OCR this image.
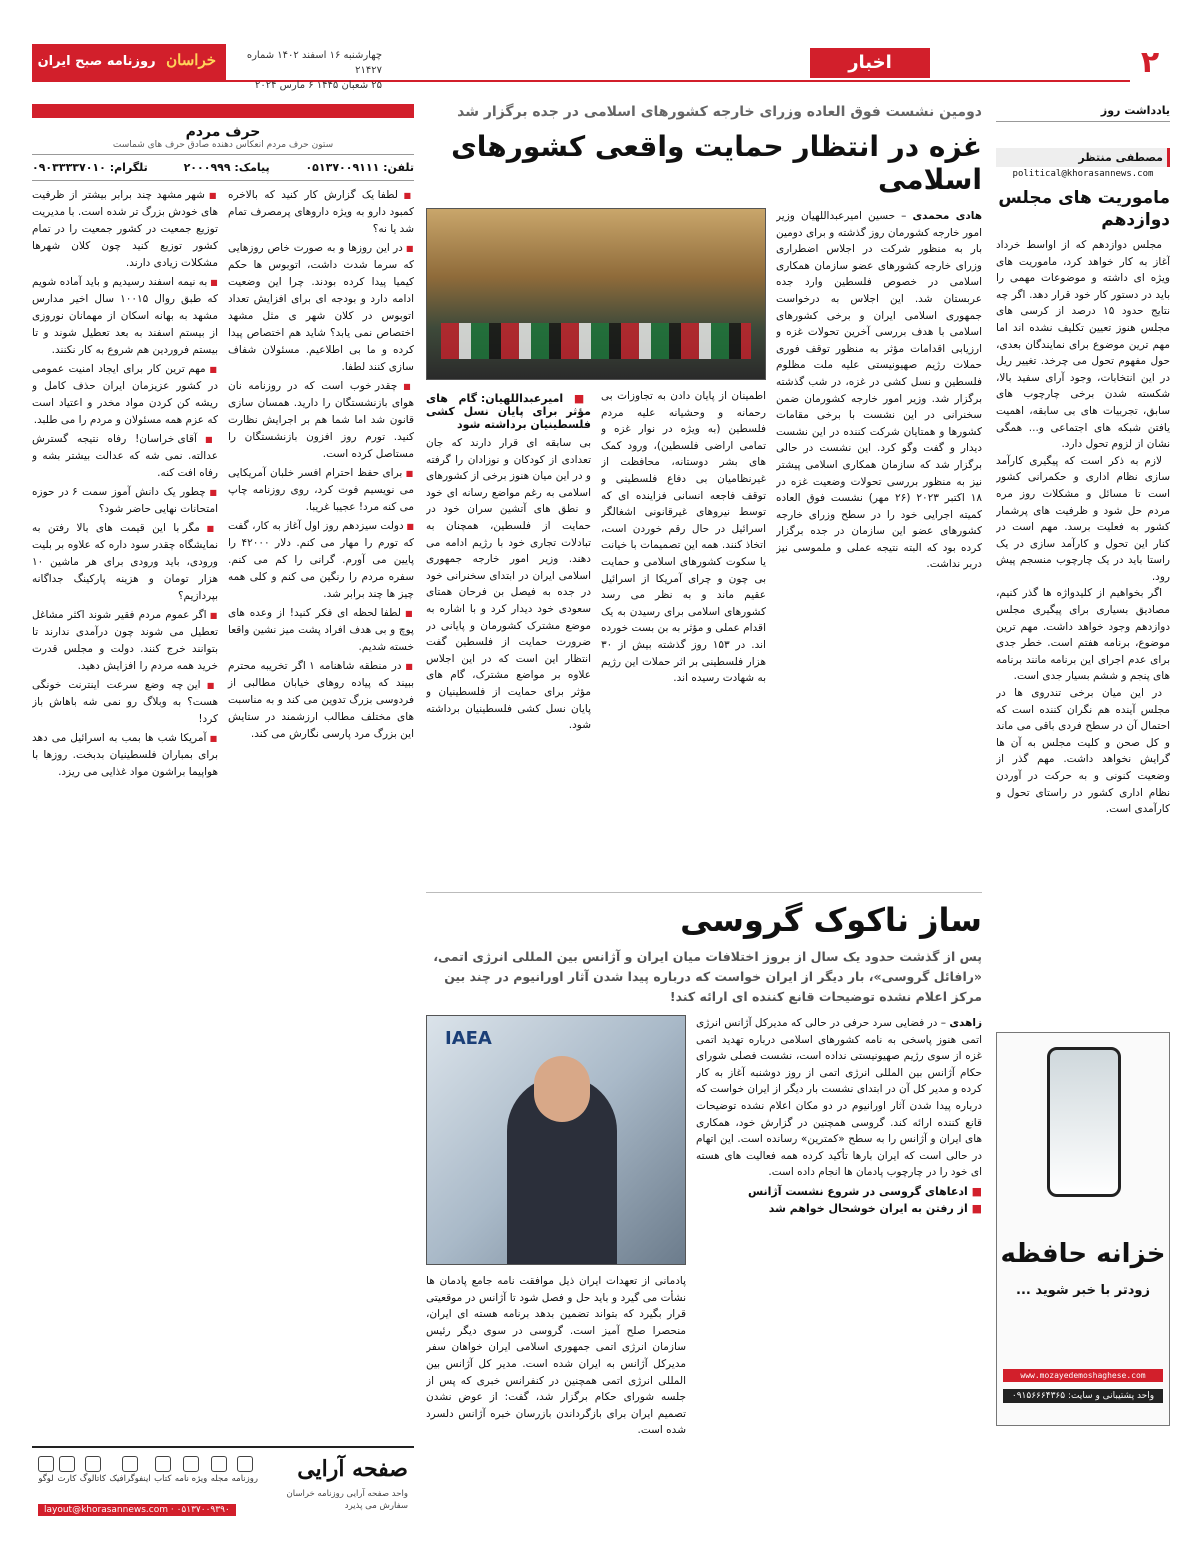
۲
اخبار
چهارشنبه ۱۶ اسفند ۱۴۰۲ شماره ۲۱۴۲۷
۲۵ شعبان ۱۴۴۵ ۶ مارس ۲۰۲۴
خراسان روزنامه صبح ایران
یادداشت روز
مصطفی منتظر
political@khorasannews.com
ماموریت های مجلس دوازدهم

مجلس دوازدهم که از اواسط خرداد آغاز به کار خواهد کرد، ماموریت های ویژه ای داشته و موضوعات مهمی را باید در دستور کار خود قرار دهد. اگر چه نتایج حدود ۱۵ درصد از کرسی های مجلس هنوز تعیین تکلیف نشده اند اما مهم ترین موضوع برای نمایندگان بعدی، حول مفهوم تحول می چرخد. تغییر ریل در این انتخابات، وجود آرای سفید بالا، شکسته شدن برخی چارچوب های سابق، تجربیات های بی سابقه، اهمیت یافتن شبکه های اجتماعی و... همگی نشان از لزوم تحول دارد.

لازم به ذکر است که پیگیری کارآمد سازی نظام اداری و حکمرانی کشور است تا مسائل و مشکلات روز مره مردم حل شود و ظرفیت های پرشمار کشور به فعلیت برسد. مهم است در کنار این تحول و کارآمد سازی در یک راستا باید در یک چارچوب منسجم پیش رود.

اگر بخواهیم از کلیدواژه ها گذر کنیم، مصادیق بسیاری برای پیگیری مجلس دوازدهم وجود خواهد داشت. مهم ترین موضوع، برنامه هفتم است. خطر جدی برای عدم اجرای این برنامه مانند برنامه های پنجم و ششم بسیار جدی است.

در این میان برخی تندروی ها در مجلس آینده هم نگران کننده است که احتمال آن در سطح فردی باقی می ماند و کل صحن و کلیت مجلس به آن ها گرایش نخواهد داشت. مهم گذر از وضعیت کنونی و به حرکت در آوردن نظام اداری کشور در راستای تحول و کارآمدی است.

خزانه حافظه
زودتر با خبر شوید ...
www.mozayedemoshaghese.com
واحد پشتیبانی و سایت: ۰۹۱۵۶۶۶۴۳۶۵
دومین نشست فوق العاده وزرای خارجه کشورهای اسلامی در جده برگزار شد
غزه در انتظار حمایت واقعی کشورهای اسلامی
هادی محمدی – حسین امیرعبداللهیان وزیر امور خارجه کشورمان روز گذشته و برای دومین بار به منظور شرکت در اجلاس اضطراری وزرای خارجه کشورهای عضو سازمان همکاری اسلامی در خصوص فلسطین وارد جده عربستان شد. این اجلاس به درخواست جمهوری اسلامی ایران و برخی کشورهای اسلامی با هدف بررسی آخرین تحولات غزه و ارزیابی اقدامات مؤثر به منظور توقف فوری حملات رژیم صهیونیستی علیه ملت مظلوم فلسطین و نسل کشی در غزه، در شب گذشته برگزار شد. وزیر امور خارجه کشورمان ضمن سخنرانی در این نشست با برخی مقامات کشورها و همتایان شرکت کننده در این نشست دیدار و گفت وگو کرد. این نشست در حالی برگزار شد که سازمان همکاری اسلامی پیشتر نیز به منظور بررسی تحولات وضعیت غزه در ۱۸ اکتبر ۲۰۲۳ (۲۶ مهر) نشست فوق العاده کمیته اجرایی خود را در سطح وزرای خارجه کشورهای عضو این سازمان در جده برگزار کرده بود که البته نتیجه عملی و ملموسی نیز دربر نداشت.
اطمینان از پایان دادن به تجاوزات بی رحمانه و وحشیانه علیه مردم فلسطین (به ویژه در نوار غزه و تمامی اراضی فلسطین)، ورود کمک های بشر دوستانه، محافظت از غیرنظامیان بی دفاع فلسطینی و توقف فاجعه انسانی فزاینده ای که توسط نیروهای غیرقانونی اشغالگر اسرائیل در حال رقم خوردن است، اتخاذ کنند. همه این تصمیمات با خیانت یا سکوت کشورهای اسلامی و حمایت بی چون و چرای آمریکا از اسرائیل عقیم ماند و به نظر می رسد کشورهای اسلامی برای رسیدن به یک اقدام عملی و مؤثر به بن بست خورده اند. در ۱۵۳ روز گذشته بیش از ۳۰ هزار فلسطینی بر اثر حملات این رژیم به شهادت رسیده اند.
■ امیرعبداللهیان: گام های مؤثر برای پایان نسل کشی فلسطینیان برداشته شود
بی سابقه ای قرار دارند که جان تعدادی از کودکان و نوزادان را گرفته و در این میان هنوز برخی از کشورهای اسلامی به رغم مواضع رسانه ای خود و نطق های آتشین سران خود در حمایت از فلسطین، همچنان به تبادلات تجاری خود با رژیم ادامه می دهند. وزیر امور خارجه جمهوری اسلامی ایران در ابتدای سخنرانی خود در جده به فیصل بن فرحان همتای سعودی خود دیدار کرد و با اشاره به موضع مشترک کشورمان و پایانی در ضرورت حمایت از فلسطین گفت انتظار این است که در این اجلاس علاوه بر مواضع مشترک، گام های مؤثر برای حمایت از فلسطینیان و پایان نسل کشی فلسطینیان برداشته شود.
ساز ناکوک گروسی
پس از گذشت حدود یک سال از بروز اختلافات میان ایران و آژانس بین المللی انرژی اتمی، «رافائل گروسی»، بار دیگر از ایران خواست که درباره پیدا شدن آثار اورانیوم در چند بین مرکز اعلام نشده توضیحات قانع کننده ای ارائه کند!
زاهدی – در فضایی سرد حرفی در حالی که مدیرکل آژانس انرژی اتمی هنوز پاسخی به نامه کشورهای اسلامی درباره تهدید اتمی غزه از سوی رژیم صهیونیستی نداده است، نشست فصلی شورای حکام آژانس بین المللی انرژی اتمی از روز دوشنبه آغاز به کار کرده و مدیر کل آن در ابتدای نشست بار دیگر از ایران خواست که درباره پیدا شدن آثار اورانیوم در دو مکان اعلام نشده توضیحات قانع کننده ارائه کند. گروسی همچنین در گزارش خود، همکاری های ایران و آژانس را به سطح «کمترین» رسانده است. این اتهام در حالی است که ایران بارها تأکید کرده همه فعالیت های هسته ای خود را در چارچوب پادمان ها انجام داده است.
■ ادعاهای گروسی در شروع نشست آژانس
■ از رفتن به ایران خوشحال خواهم شد
IAEA
پادمانی از تعهدات ایران ذیل موافقت نامه جامع پادمان ها نشأت می گیرد و باید حل و فصل شود تا آژانس در موقعیتی قرار بگیرد که بتواند تضمین بدهد برنامه هسته ای ایران، منحصرا صلح آمیز است. گروسی در سوی دیگر رئیس سازمان انرژی اتمی جمهوری اسلامی ایران خواهان سفر مدیرکل آژانس به ایران شده است. مدیر کل آژانس بین المللی انرژی اتمی همچنین در کنفرانس خبری که پس از جلسه شورای حکام برگزار شد، گفت: از عوض نشدن تصمیم ایران برای بازگرداندن بازرسان خبره آژانس دلسرد شده است.
حرف مردم
ستون حرف مردم انعکاس دهنده صادق حرف های شماست
تلفن: ۰۵۱۳۷۰۰۹۱۱۱
پیامک: ۲۰۰۰۹۹۹
تلگرام: ۰۹۰۳۳۳۳۷۰۱۰

■ لطفا یک گزارش کار کنید که بالاخره کمبود دارو به ویژه داروهای پرمصرف تمام شد یا نه؟

■ در این روزها و به صورت خاص روزهایی که سرما شدت داشت، اتوبوس ها حکم کیمیا پیدا کرده بودند. چرا این وضعیت ادامه دارد و بودجه ای برای افزایش تعداد اتوبوس در کلان شهر ی مثل مشهد اختصاص نمی یابد؟ شاید هم اختصاص پیدا کرده و ما بی اطلاعیم. مسئولان شفاف سازی کنند لطفا.

■ چقدر خوب است که در روزنامه نان هوای بازنشستگان را دارید. همسان سازی قانون شد اما شما هم بر اجرایش نظارت کنید. تورم روز افزون بازنشستگان را مستاصل کرده است.

■ برای حفظ احترام افسر خلبان آمریکایی می نویسیم فوت کرد، روی روزنامه چاپ می کنه مرد! عجیبا غریبا.

■ دولت سیزدهم روز اول آغاز به کار، گفت که تورم را مهار می کنم. دلار ۴۲۰۰۰ را پایین می آورم. گرانی را کم می کنم. سفره مردم را رنگین می کنم و کلی همه چیز ها چند برابر شد.

■ لطفا لحظه ای فکر کنید! از وعده های پوچ و بی هدف افراد پشت میز نشین واقعا خسته شدیم.

■ در منطقه شاهنامه ۱ اگر تخریبه محترم ببیند که پیاده روهای خیابان مطالبی از فردوسی بزرگ تدوین می کند و به مناسبت های مختلف مطالب ارزشمند در ستایش این بزرگ مرد پارسی نگارش می کند.

■ شهر مشهد چند برابر بیشتر از ظرفیت های خودش بزرگ تر شده است. با مدیریت توزیع جمعیت در کشور جمعیت را در تمام کشور توزیع کنید چون کلان شهرها مشکلات زیادی دارند.

■ به نیمه اسفند رسیدیم و باید آماده شویم که طبق روال ۱۰۰۱۵ سال اخیر مدارس مشهد به بهانه اسکان از مهمانان نوروزی از بیستم اسفند به بعد تعطیل شوند و تا بیستم فروردین هم شروع به کار نکنند.

■ مهم ترین کار برای ایجاد امنیت عمومی در کشور عزیزمان ایران حذف کامل و ریشه کن کردن مواد مخدر و اعتیاد است که عزم همه مسئولان و مردم را می طلبد.

■ آقای خراسان! رفاه نتیجه گسترش عدالته. نمی شه که عدالت بیشتر بشه و رفاه افت کنه.

■ چطور یک دانش آموز سمت ۶ در حوزه امتحانات نهایی حاضر شود؟

■ مگر با این قیمت های بالا رفتن به نمایشگاه چقدر سود داره که علاوه بر بلیت ورودی، باید ورودی برای هر ماشین ۱۰ هزار تومان و هزینه پارکینگ جداگانه بپردازیم؟

■ اگر عموم مردم فقیر شوند اکثر مشاغل تعطیل می شوند چون درآمدی ندارند تا بتوانند خرج کنند. دولت و مجلس قدرت خرید همه مردم را افزایش دهید.

■ این چه وضع سرعت اینترنت خونگی هست؟ به وبلاگ رو نمی شه باهاش باز کرد!

■ آمریکا شب ها بمب به اسرائیل می دهد برای بمباران فلسطینیان بدبخت. روزها با هواپیما براشون مواد غذایی می ریزد.

صفحه آرایی
واحد صفحه آرایی روزنامه خراسان سفارش می پذیرد
روزنامه
مجله
ویژه نامه
کتاب
اینفوگرافیک
کاتالوگ
کارت
لوگو
layout@khorasannews.com · ۰۵۱۳۷۰۰۹۳۹۰
